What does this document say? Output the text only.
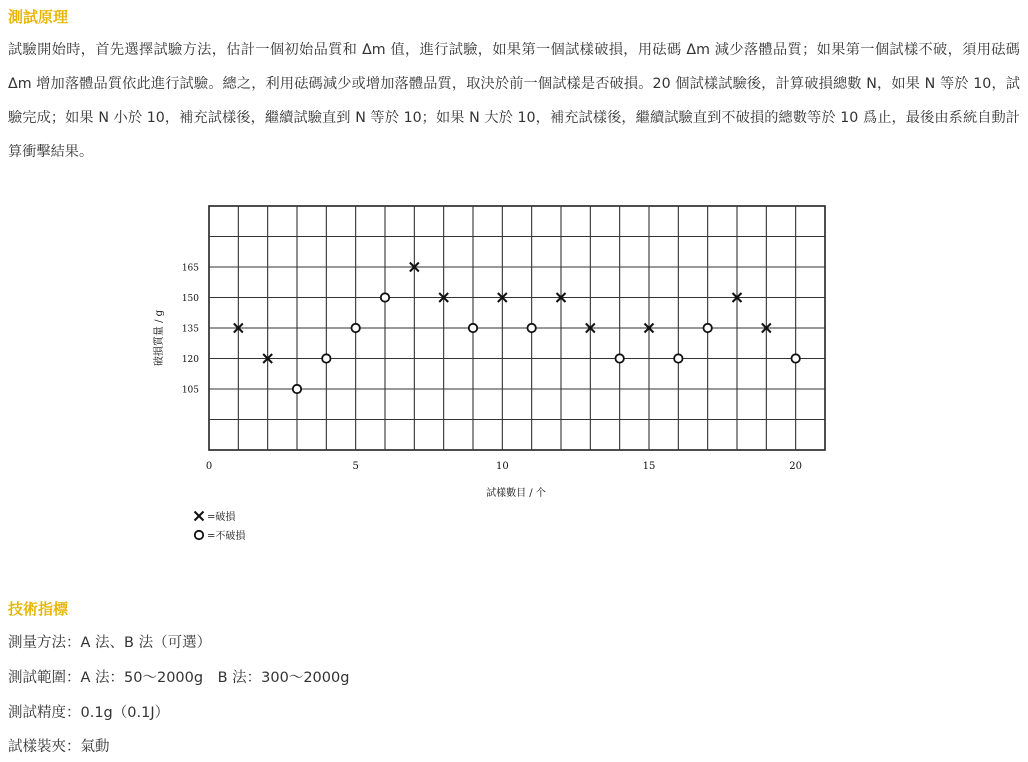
測試原理

試驗開始時，首先選擇試驗方法，估計一個初始品質和 Δm 值，進行試驗，如果第一個試樣破損，用砝碼 Δm 減少落體品質；如果第一個試樣不破，須用砝碼 Δm 增加落體品質依此進行試驗。總之，利用砝碼減少或增加落體品質，取決於前一個試樣是否破損。20 個試樣試驗後，計算破損總數 N，如果 N 等於 10，試驗完成；如果 N 小於 10，補充試樣後，繼續試驗直到 N 等於 10；如果 N 大於 10，補充試樣後，繼續試驗直到不破損的總數等於 10 爲止，最後由系統自動計算衝擊結果。

0	5	10	15	20
105
120
135
150
165
破損質量 / g
試樣數目 / 个
=破損
=不破損
技術指標

測量方法：A 法、B 法（可選）

測試範圍：A 法：50～2000g　B 法：300～2000g

測試精度：0.1g（0.1J）

試樣裝夾：氣動
